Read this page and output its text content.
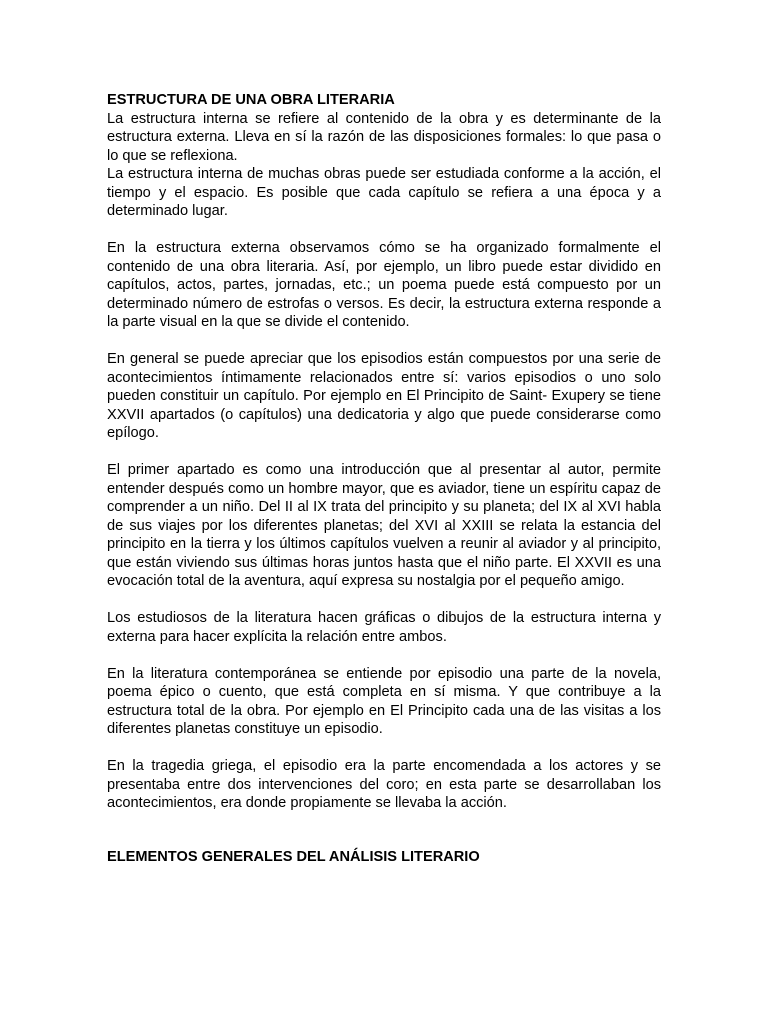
ESTRUCTURA DE UNA OBRA LITERARIA

La estructura interna se refiere al contenido de la obra y es determinante de la estructura externa. Lleva en sí la razón de las disposiciones formales: lo que pasa o lo que se reflexiona.

La estructura interna de muchas obras puede ser estudiada conforme a la acción, el tiempo y el espacio. Es posible que cada capítulo se refiera a una época y a determinado lugar.

En la estructura externa observamos cómo se ha organizado formalmente el contenido de una obra literaria. Así, por ejemplo, un libro puede estar dividido en capítulos, actos, partes, jornadas, etc.; un poema puede está compuesto por un determinado número de estrofas o versos. Es decir, la estructura externa responde a la parte visual en la que se divide el contenido.

En general se puede apreciar que los episodios están compuestos por una serie de acontecimientos íntimamente relacionados entre sí: varios episodios o uno solo pueden constituir un capítulo. Por ejemplo en El Principito de Saint- Exupery se tiene XXVII apartados (o capítulos) una dedicatoria y algo que puede considerarse como epílogo.

El primer apartado es como una introducción que al presentar al autor, permite entender después como un hombre mayor, que es aviador, tiene un espíritu capaz de comprender a un niño. Del II al IX trata del principito y su planeta; del IX al XVI habla de sus viajes por los diferentes planetas; del XVI al XXIII se relata la estancia del principito en la tierra y los últimos capítulos vuelven a reunir al aviador y al principito, que están viviendo sus últimas horas juntos hasta que el niño parte. El XXVII es una evocación total de la aventura, aquí expresa su nostalgia por el pequeño amigo.

Los estudiosos de la literatura hacen gráficas o dibujos de la estructura interna y externa para hacer explícita la relación entre ambos.

En la literatura contemporánea se entiende por episodio una parte de la novela, poema épico o cuento, que está completa en sí misma. Y que contribuye a la estructura total de la obra. Por ejemplo en El Principito cada una de las visitas a los diferentes planetas constituye un episodio.

En la tragedia griega, el episodio era la parte encomendada a los actores y se presentaba entre dos intervenciones del coro; en esta parte se desarrollaban los acontecimientos, era donde propiamente se llevaba la acción.

ELEMENTOS GENERALES DEL ANÁLISIS LITERARIO
